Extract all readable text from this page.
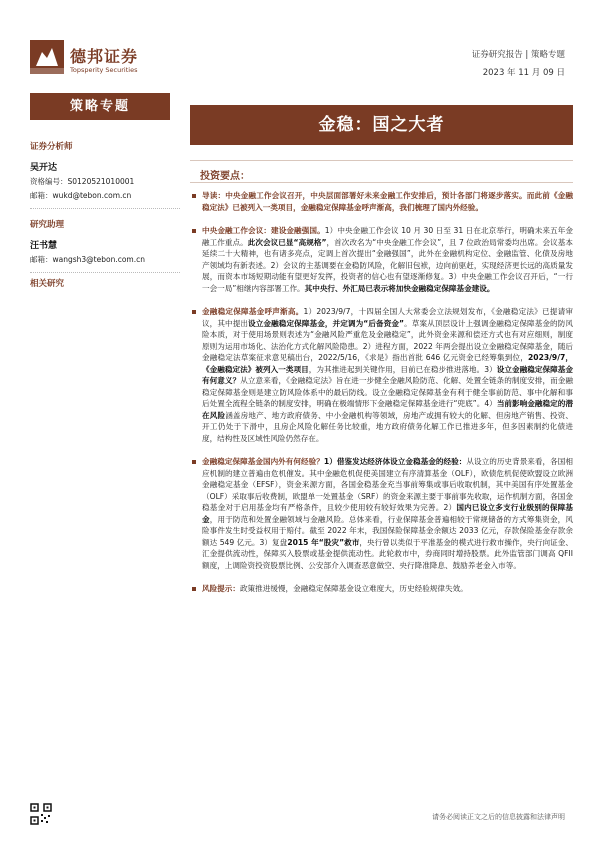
德邦证券
Topsperity Securities
证券研究报告 | 策略专题
2023 年 11 月 09 日
策略专题
金稳：国之大者
证券分析师
吴开达
资格编号：S0120521010001
邮箱：wukd@tebon.com.cn
研究助理
汪书慧
邮箱：wangsh3@tebon.com.cn
相关研究
投资要点：
导读：中央金融工作会议召开，中央层面部署好未来金融工作安排后，预计各部门将逐步落实。而此前《金融稳定法》已被列入一类项目，金融稳定保障基金呼声渐高，我们梳理了国内外经验。
中央金融工作会议：建设金融强国。1）中央金融工作会议 10 月 30 日至 31 日在北京举行，明确未来五年金融工作重点。此次会议已显“高规格”，首次改名为“中央金融工作会议”，且 7 位政治局常委均出席。会议基本延续二十大精神，也有诸多亮点，定调上首次提出“金融强国”，此外在金融机构定位、金融监管、化债及房地产领域均有新表述。2）会议的主基调要在金稳防风险，化解旧包袱，边向前驱赶，实现经济更长远的高质量发展，而资本市场短期动能有望更好发挥，投资者的信心也有望逐渐修复。3）中央金融工作会议召开后，“一行一会一局”相继内容部署工作。其中央行、外汇局已表示将加快金融稳定保障基金建设。
金融稳定保障基金呼声渐高。1）2023/9/7，十四届全国人大常委会立法规划发布，《金融稳定法》已提请审议，其中提出设立金融稳定保障基金，并定调为“后备资金”。草案从顶层设计上强调金融稳定保障基金的防风险本质，对于使用场景则表述为“金融风险严重危及金融稳定”，此外资金来源和偿还方式也有对应细则，制度原则为运用市场化、法治化方式化解风险隐患。2）进程方面，2022 年两会提出设立金融稳定保障基金，随后金融稳定法草案征求意见稿出台，2022/5/16，《求是》指出首批 646 亿元资金已经筹集到位，2023/9/7，《金融稳定法》被列入一类项目，为其推进起到关键作用，目前已在稳步推进落地。3）设立金融稳定保障基金有何意义？从立意来看，《金融稳定法》旨在进一步健全金融风险防范、化解、处置全链条的制度安排，而金融稳定保障基金则是建立防风险体系中的最后防线。设立金融稳定保障基金有利于健全事前防范、事中化解和事后处置全流程全链条的制度安排，明确在极端情形下金融稳定保障基金进行“兜底”。4）当前影响金融稳定的潜在风险涵盖房地产、地方政府债务、中小金融机构等领域，房地产或拥有较大的化解、但房地产销售、投资、开工仍处于下滑中，且房企风险化解任务比较重，地方政府债务化解工作已推进多年，但多因素制约化债进度，结构性及区域性风险仍然存在。
金融稳定保障基金国内外有何经验？1）借鉴发达经济体设立金稳基金的经验：从设立的历史背景来看，各国相应机制的建立普遍由危机催发。其中金融危机促使美国建立有序清算基金（OLF），欧债危机促使欧盟设立欧洲金融稳定基金（EFSF），资金来源方面，各国金稳基金充当事前筹集或事后收取机制，其中美国有序处置基金（OLF）采取事后收费制，欧盟单一处置基金（SRF）的资金来源主要于事前事先收取，运作机制方面，各国金稳基金对于启用基金均有严格条件，且较少使用较有较好效果为完善。2）国内已设立多支行业级别的保障基金，用于防范和处置金融领域与金融风险。总体来看，行业保障基金普遍相较于常规储备的方式筹集资金，风险事件发生时受益权用于赔付。截至 2022 年末，我国保险保障基金余额达 2033 亿元，存款保险基金存款余额达 549 亿元。3）复盘2015 年“股灾”救市，央行曾以类似于平准基金的模式进行救市操作，央行向证金、汇金提供流动性，保障买入股票或基金提供流动性。此轮救市中，券商同时增持股票。此外监管部门调高 QFII 额度，上调险资投资股票比例、公安部介入调查恶意做空、央行降准降息、鼓励养老金入市等。
风险提示：政策推进缓慢，金融稳定保障基金设立难度大，历史经验规律失效。
请务必阅读正文之后的信息披露和法律声明
